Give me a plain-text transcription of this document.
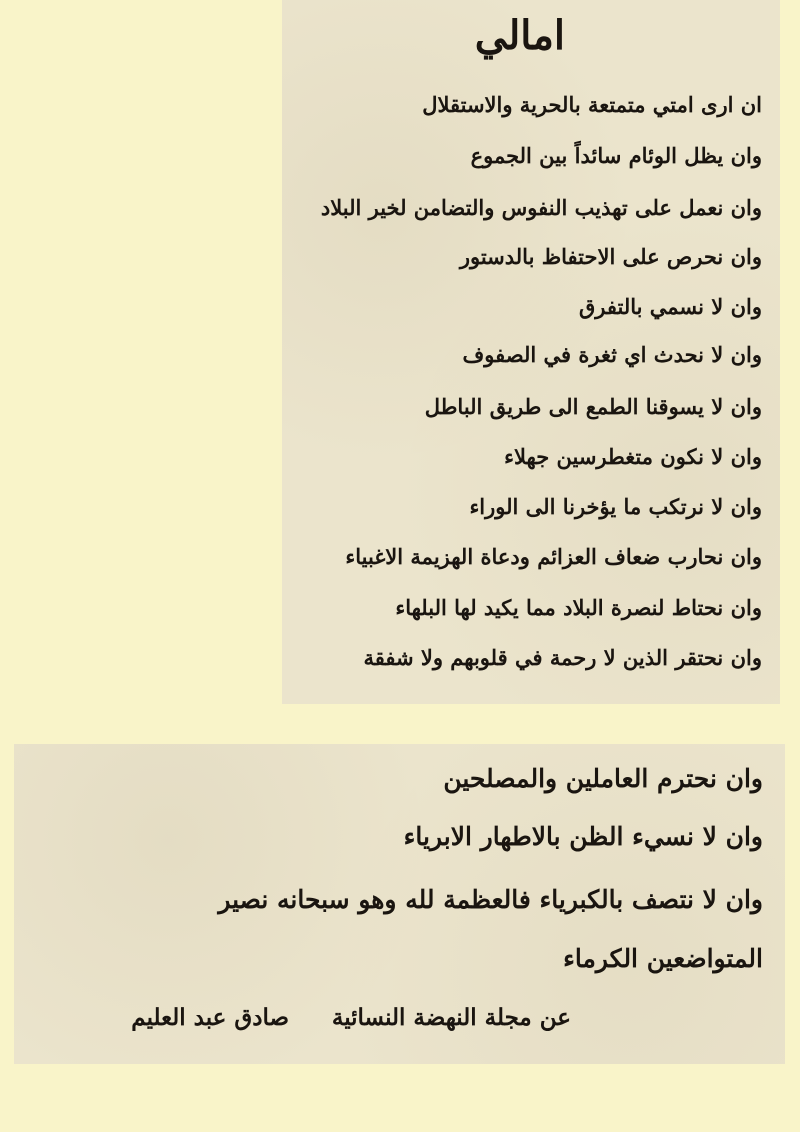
امالي
ان ارى امتي متمتعة بالحرية والاستقلال
وان يظل الوئام سائداً بين الجموع
وان نعمل على تهذيب النفوس والتضامن لخير البلاد
وان نحرص على الاحتفاظ بالدستور
وان لا نسمي بالتفرق
وان لا نحدث اي ثغرة في الصفوف
وان لا يسوقنا الطمع الى طريق الباطل
وان لا نكون متغطرسين جهلاء
وان لا نرتكب ما يؤخرنا الى الوراء
وان نحارب ضعاف العزائم ودعاة الهزيمة الاغبياء
وان نحتاط لنصرة البلاد مما يكيد لها البلهاء
وان نحتقر الذين لا رحمة في قلوبهم ولا شفقة
وان نحترم العاملين والمصلحين
وان لا نسيء الظن بالاطهار الابرياء
وان لا نتصف بالكبرياء فالعظمة لله وهو سبحانه نصير
المتواضعين الكرماء
عن مجلة النهضة النسائية
صادق عبد العليم
